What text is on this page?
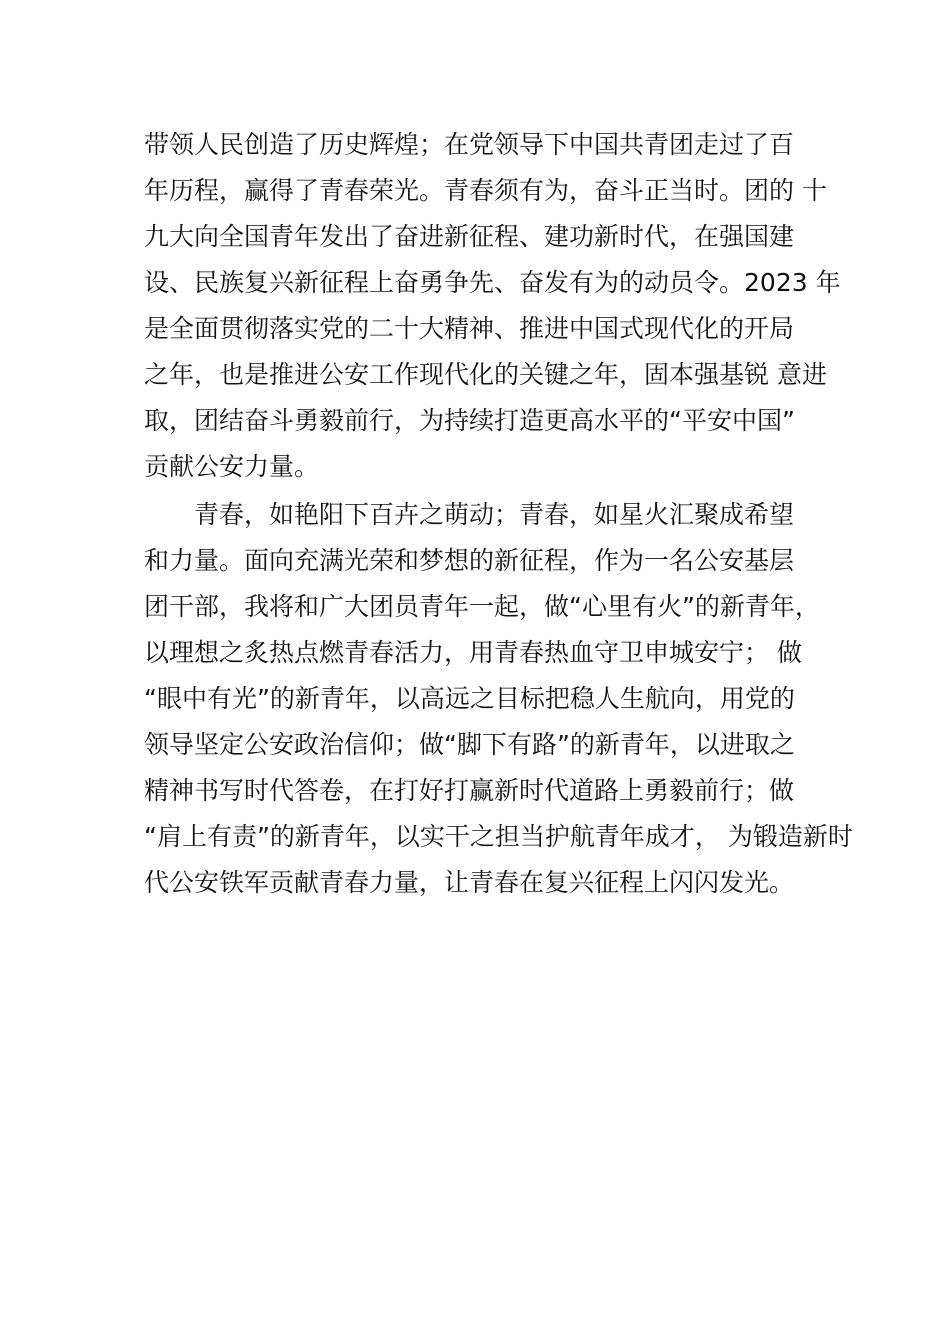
带领人民创造了历史辉煌；在党领导下中国共青团走过了百
年历程，赢得了青春荣光。青春须有为，奋斗正当时。团的 十
九大向全国青年发出了奋进新征程、建功新时代，在强国建
设、民族复兴新征程上奋勇争先、奋发有为的动员令。2023 年
是全面贯彻落实党的二十大精神、推进中国式现代化的开局
之年，也是推进公安工作现代化的关键之年，固本强基锐 意进
取，团结奋斗勇毅前行，为持续打造更高水平的“平安中国”
贡献公安力量。
青春，如艳阳下百卉之萌动；青春，如星火汇聚成希望
和力量。面向充满光荣和梦想的新征程，作为一名公安基层
团干部，我将和广大团员青年一起，做“心里有火”的新青年，
以理想之炙热点燃青春活力，用青春热血守卫申城安宁； 做
“眼中有光”的新青年，以高远之目标把稳人生航向，用党的
领导坚定公安政治信仰；做“脚下有路”的新青年，以进取之
精神书写时代答卷，在打好打赢新时代道路上勇毅前行；做
“肩上有责”的新青年，以实干之担当护航青年成才， 为锻造新时
代公安铁军贡献青春力量，让青春在复兴征程上闪闪发光。
